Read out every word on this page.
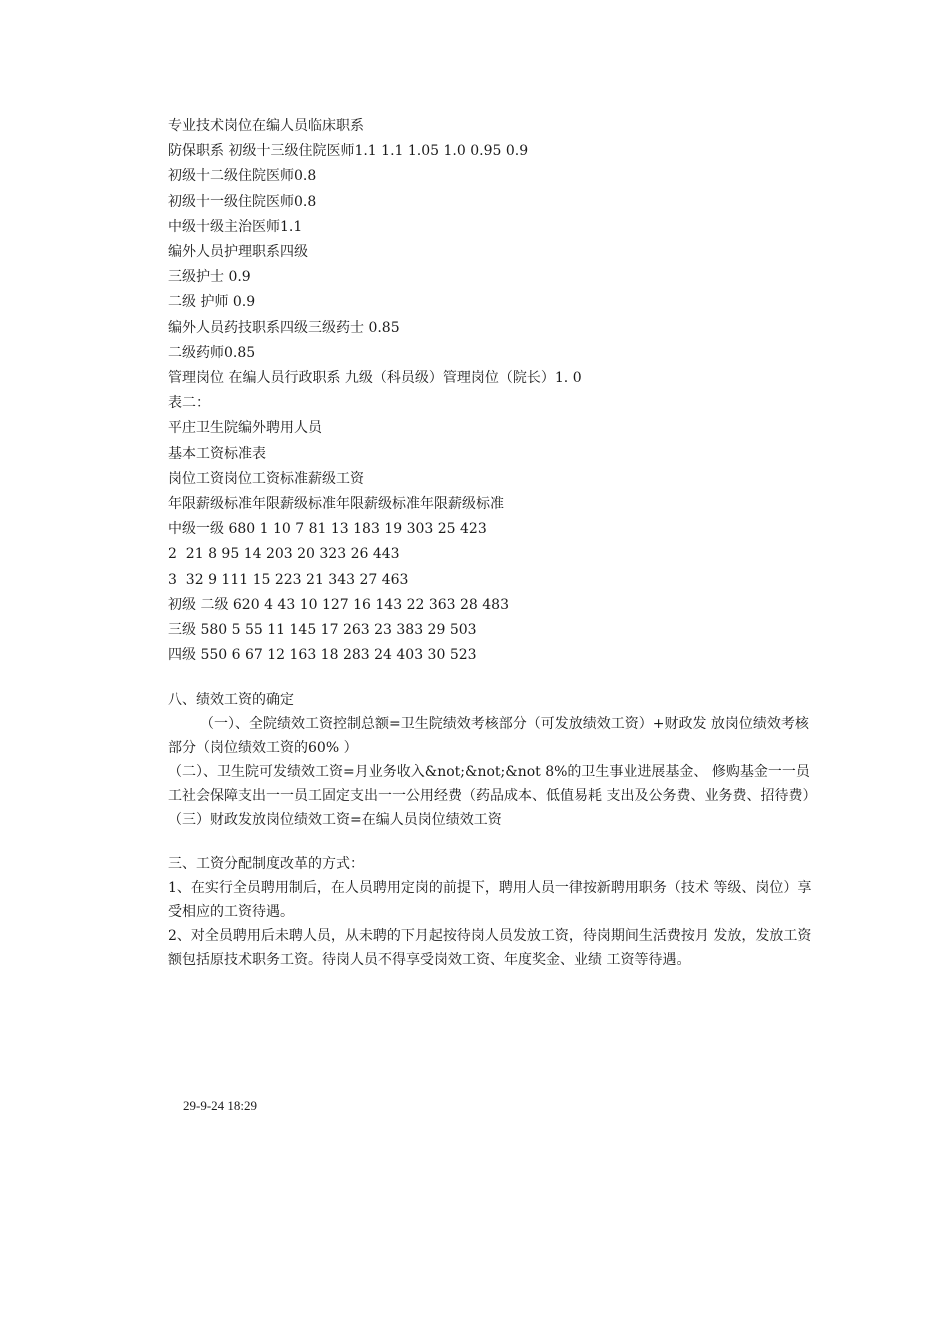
专业技术岗位在编人员临床职系

防保职系 初级十三级住院医师1.1 1.1 1.05 1.0 0.95 0.9

初级十二级住院医师0.8

初级十一级住院医师0.8

中级十级主治医师1.1

编外人员护理职系四级

三级护士 0.9

二级 护师 0.9

编外人员药技职系四级三级药士 0.85

二级药师0.85

管理岗位 在编人员行政职系 九级（科员级）管理岗位（院长）1. 0

表二：

平庄卫生院编外聘用人员

基本工资标准表

岗位工资岗位工资标准薪级工资

年限薪级标准年限薪级标准年限薪级标准年限薪级标准

中级一级 680 1 10 7 81 13 183 19 303 25 423

2  21 8 95 14 203 20 323 26 443

3  32 9 111 15 223 21 343 27 463

初级 二级 620 4 43 10 127 16 143 22 363 28 483

三级 580 5 55 11 145 17 263 23 383 29 503

四级 550 6 67 12 163 18 283 24 403 30 523

八、绩效工资的确定

（一）、全院绩效工资控制总额=卫生院绩效考核部分（可发放绩效工资）+财政发 放岗位绩效考核部分（岗位绩效工资的60% ）

（二）、卫生院可发绩效工资=月业务收入&not;&not;&not 8%的卫生事业进展基金、 修购基金一一员工社会保障支出一一员工固定支出一一公用经费（药品成本、低值易耗 支出及公务费、业务费、招待费）

（三）财政发放岗位绩效工资=在编人员岗位绩效工资

三、工资分配制度改革的方式：

1、在实行全员聘用制后，在人员聘用定岗的前提下，聘用人员一律按新聘用职务（技术 等级、岗位）享受相应的工资待遇。

2、对全员聘用后未聘人员，从未聘的下月起按待岗人员发放工资，待岗期间生活费按月 发放，发放工资额包括原技术职务工资。待岗人员不得享受岗效工资、年度奖金、业绩 工资等待遇。

29-9-24 18:29
